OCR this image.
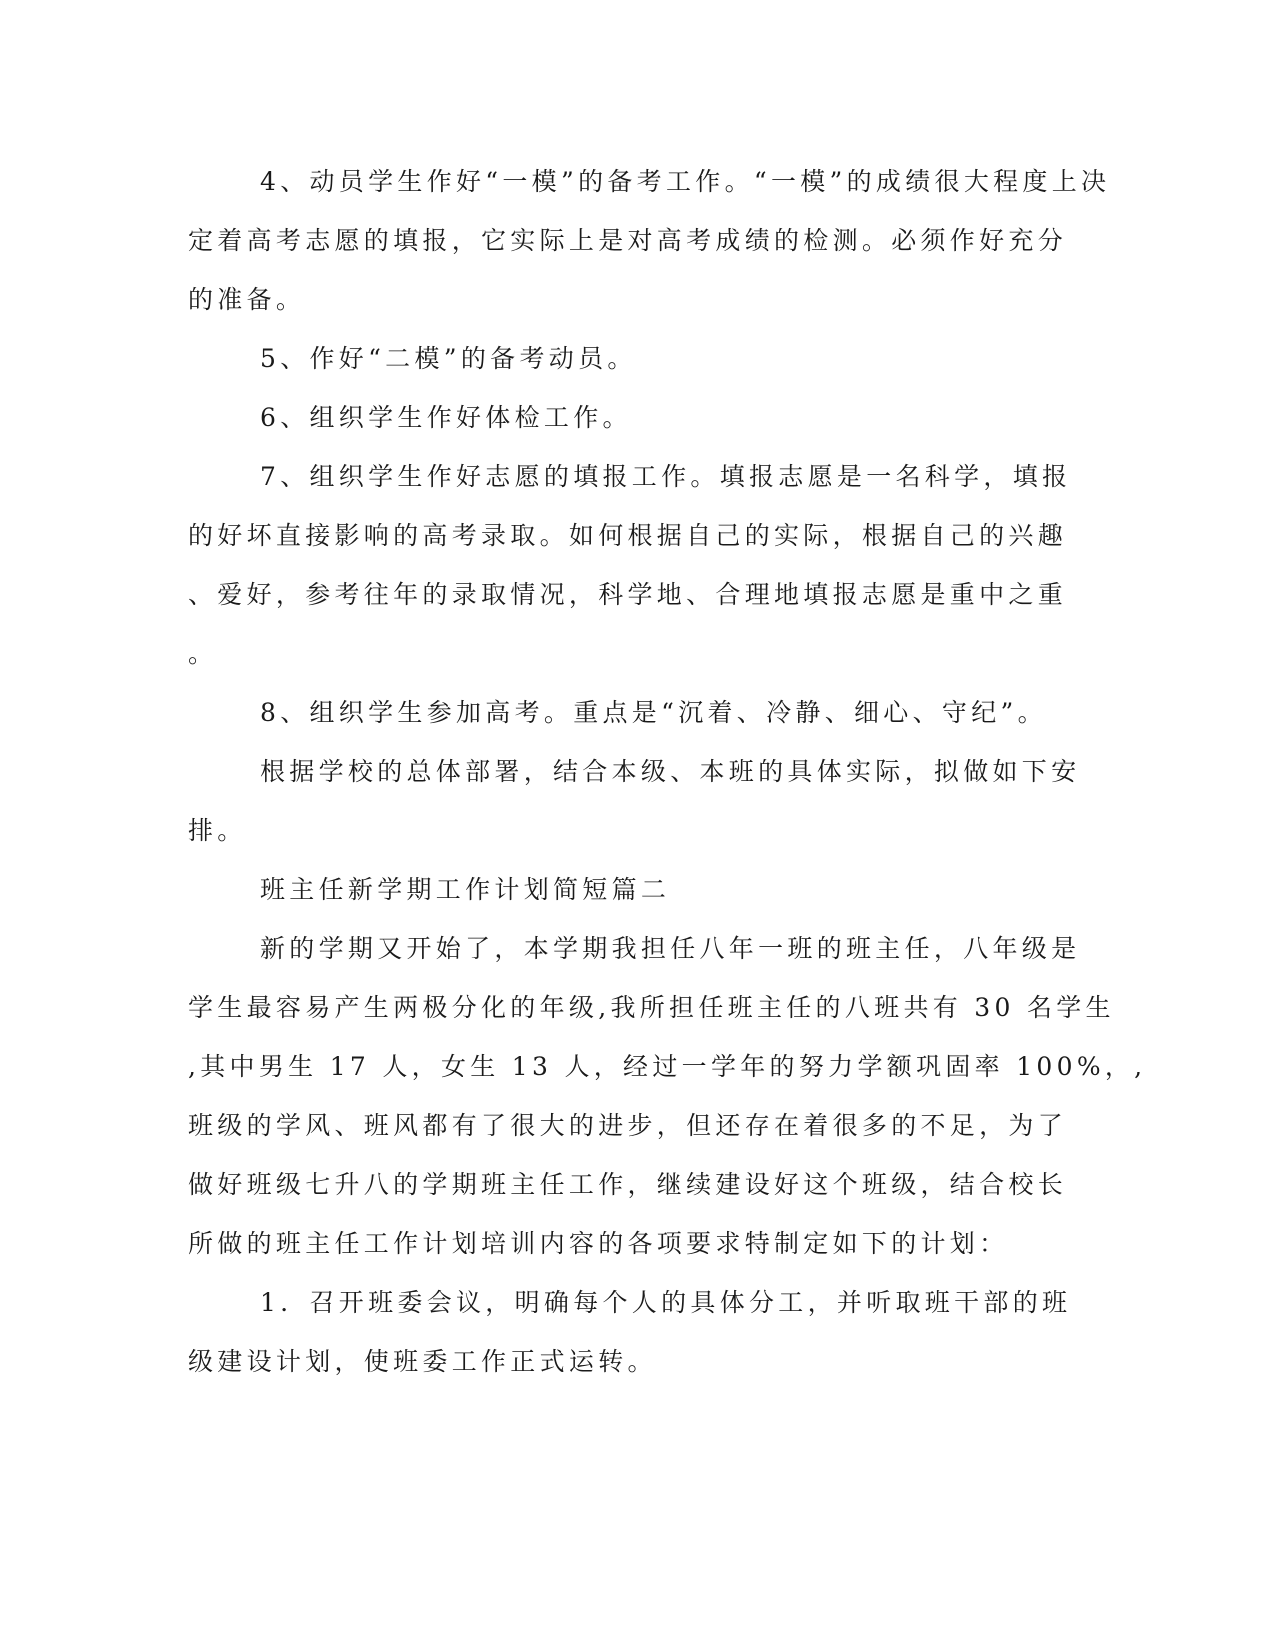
4、动员学生作好“一模”的备考工作。“一模”的成绩很大程度上决
定着高考志愿的填报，它实际上是对高考成绩的检测。必须作好充分
的准备。
5、作好“二模”的备考动员。
6、组织学生作好体检工作。
7、组织学生作好志愿的填报工作。填报志愿是一名科学，填报
的好坏直接影响的高考录取。如何根据自己的实际，根据自己的兴趣
、爱好，参考往年的录取情况，科学地、合理地填报志愿是重中之重
。
8、组织学生参加高考。重点是“沉着、冷静、细心、守纪”。
根据学校的总体部署，结合本级、本班的具体实际，拟做如下安
排。
班主任新学期工作计划简短篇二
新的学期又开始了，本学期我担任八年一班的班主任，八年级是
学生最容易产生两极分化的年级,我所担任班主任的八班共有 30 名学生
,其中男生 17 人，女生 13 人，经过一学年的努力学额巩固率 100%，,
班级的学风、班风都有了很大的进步，但还存在着很多的不足，为了
做好班级七升八的学期班主任工作，继续建设好这个班级，结合校长
所做的班主任工作计划培训内容的各项要求特制定如下的计划：
1．召开班委会议，明确每个人的具体分工，并听取班干部的班
级建设计划，使班委工作正式运转。
